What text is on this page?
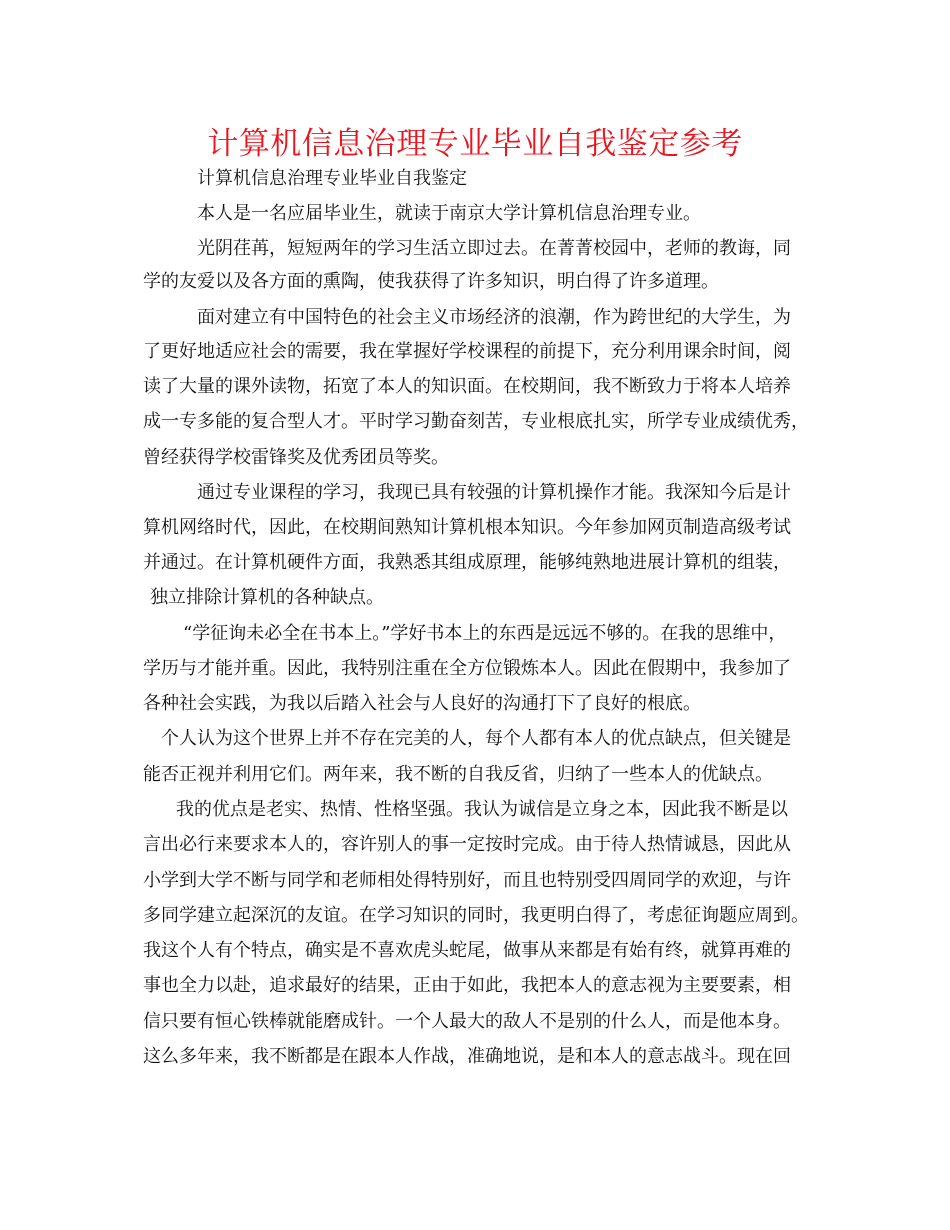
计算机信息治理专业毕业自我鉴定参考
计算机信息治理专业毕业自我鉴定
本人是一名应届毕业生，就读于南京大学计算机信息治理专业。
光阴荏苒，短短两年的学习生活立即过去。在菁菁校园中，老师的教诲，同
学的友爱以及各方面的熏陶，使我获得了许多知识，明白得了许多道理。
面对建立有中国特色的社会主义市场经济的浪潮，作为跨世纪的大学生，为
了更好地适应社会的需要，我在掌握好学校课程的前提下，充分利用课余时间，阅
读了大量的课外读物，拓宽了本人的知识面。在校期间，我不断致力于将本人培养
成一专多能的复合型人才。平时学习勤奋刻苦，专业根底扎实，所学专业成绩优秀，
曾经获得学校雷锋奖及优秀团员等奖。
通过专业课程的学习，我现已具有较强的计算机操作才能。我深知今后是计
算机网络时代，因此，在校期间熟知计算机根本知识。今年参加网页制造高级考试
并通过。在计算机硬件方面，我熟悉其组成原理，能够纯熟地进展计算机的组装，
独立排除计算机的各种缺点。
“学征询未必全在书本上。”学好书本上的东西是远远不够的。在我的思维中，
学历与才能并重。因此，我特别注重在全方位锻炼本人。因此在假期中，我参加了
各种社会实践，为我以后踏入社会与人良好的沟通打下了良好的根底。
个人认为这个世界上并不存在完美的人，每个人都有本人的优点缺点，但关键是
能否正视并利用它们。两年来，我不断的自我反省，归纳了一些本人的优缺点。
我的优点是老实、热情、性格坚强。我认为诚信是立身之本，因此我不断是以
言出必行来要求本人的，容许别人的事一定按时完成。由于待人热情诚恳，因此从
小学到大学不断与同学和老师相处得特别好，而且也特别受四周同学的欢迎，与许
多同学建立起深沉的友谊。在学习知识的同时，我更明白得了，考虑征询题应周到。
我这个人有个特点，确实是不喜欢虎头蛇尾，做事从来都是有始有终，就算再难的
事也全力以赴，追求最好的结果，正由于如此，我把本人的意志视为主要要素，相
信只要有恒心铁棒就能磨成针。一个人最大的敌人不是别的什么人，而是他本身。
这么多年来，我不断都是在跟本人作战，准确地说，是和本人的意志战斗。现在回
